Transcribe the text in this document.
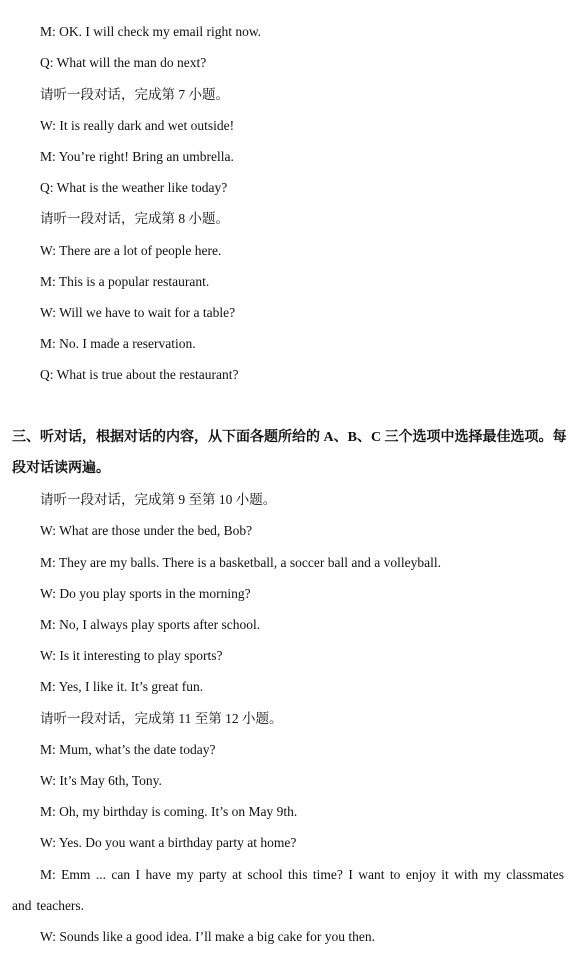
M: OK. I will check my email right now.
Q: What will the man do next?
请听一段对话，完成第 7 小题。
W: It is really dark and wet outside!
M: You’re right! Bring an umbrella.
Q: What is the weather like today?
请听一段对话，完成第 8 小题。
W: There are a lot of people here.
M: This is a popular restaurant.
W: Will we have to wait for a table?
M: No. I made a reservation.
Q: What is true about the restaurant?
三、听对话，根据对话的内容，从下面各题所给的 A、B、C 三个选项中选择最佳选项。每段对话读两遍。
请听一段对话，完成第 9 至第 10 小题。
W: What are those under the bed, Bob?
M: They are my balls. There is a basketball, a soccer ball and a volleyball.
W: Do you play sports in the morning?
M: No, I always play sports after school.
W: Is it interesting to play sports?
M: Yes, I like it. It’s great fun.
请听一段对话，完成第 11 至第 12 小题。
M: Mum, what’s the date today?
W: It’s May 6th, Tony.
M: Oh, my birthday is coming. It’s on May 9th.
W: Yes. Do you want a birthday party at home?
M: Emm ... can I have my party at school this time? I want to enjoy it with my classmates and teachers.
W: Sounds like a good idea. I’ll make a big cake for you then.
